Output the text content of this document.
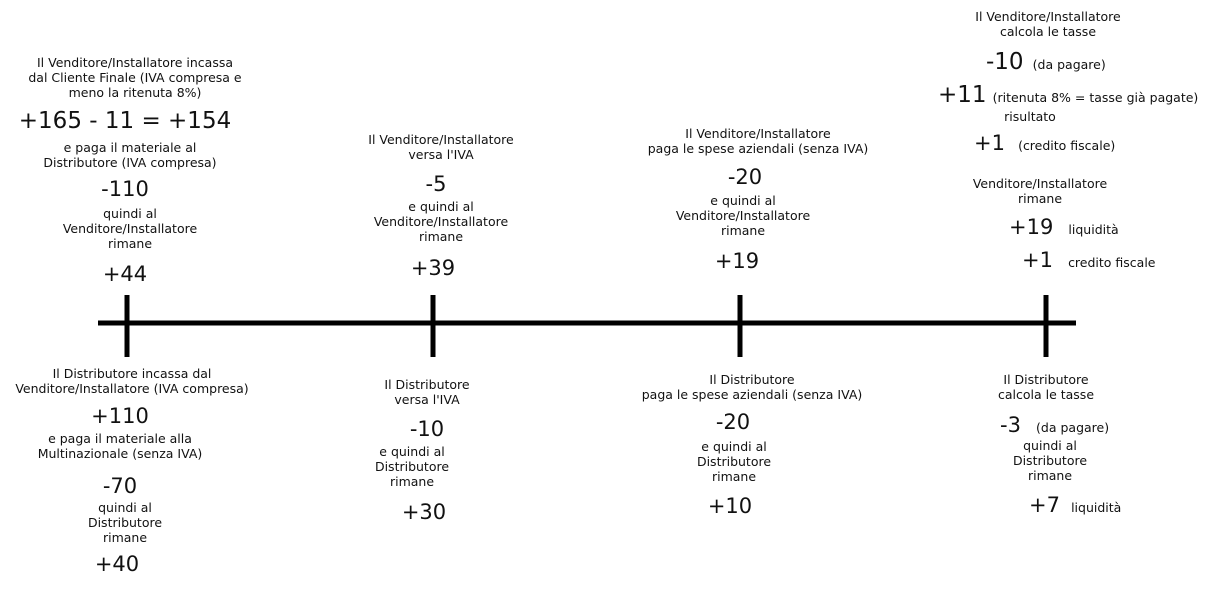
Il Venditore/Installatore incassa
dal Cliente Finale (IVA compresa e
meno la ritenuta 8%)
+165 - 11 = +154
e paga il materiale al
Distributore (IVA compresa)
-110
quindi al
Venditore/Installatore
rimane
+44
Il Venditore/Installatore
versa l'IVA
-5
e quindi al
Venditore/Installatore
rimane
+39
Il Venditore/Installatore
paga le spese aziendali (senza IVA)
-20
e quindi al
Venditore/Installatore
rimane
+19
Il Venditore/Installatore
calcola le tasse
-10 (da pagare)
+11 (ritenuta 8% = tasse già pagate)
risultato
+1 (credito fiscale)
Venditore/Installatore
rimane
+19 liquidità
+1 credito fiscale
Il Distributore incassa dal
Venditore/Installatore (IVA compresa)
+110
e paga il materiale alla
Multinazionale (senza IVA)
-70
quindi al
Distributore
rimane
+40
Il Distributore
versa l'IVA
-10
e quindi al
Distributore
rimane
+30
Il Distributore
paga le spese aziendali (senza IVA)
-20
e quindi al
Distributore
rimane
+10
Il Distributore
calcola le tasse
-3 (da pagare)
quindi al
Distributore
rimane
+7 liquidità
